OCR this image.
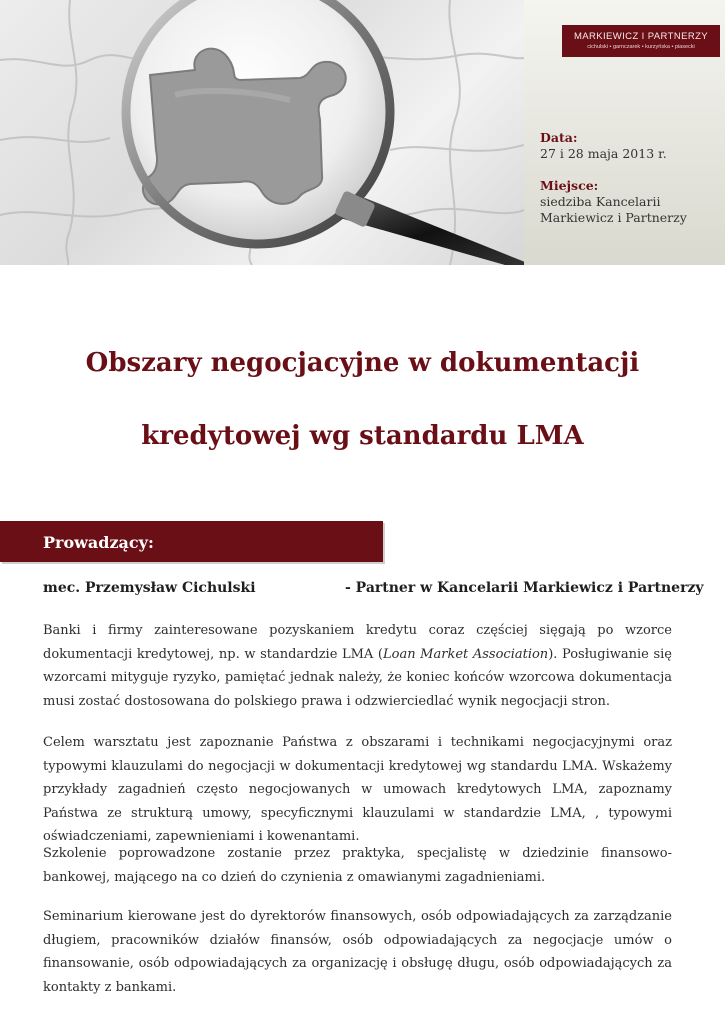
MARKIEWICZ I PARTNERZY
cichulski • garnczarek • kurzyńska • piasecki
Data:
27 i 28 maja 2013 r.
Miejsce:
siedziba Kancelarii
Markiewicz i Partnerzy
Obszary negocjacyjne w dokumentacji
kredytowej wg standardu LMA
Prowadzący:
mec. Przemysław Cichulski	- Partner w Kancelarii Markiewicz i Partnerzy

Banki i firmy zainteresowane pozyskaniem kredytu coraz częściej sięgają po wzorce dokumentacji kredytowej, np. w standardzie LMA (Loan Market Association). Posługiwanie się wzorcami mityguje ryzyko, pamiętać jednak należy, że koniec końców wzorcowa dokumentacja musi zostać dostosowana do polskiego prawa i odzwierciedlać wynik negocjacji stron.

Celem warsztatu jest zapoznanie Państwa z obszarami i technikami negocjacyjnymi oraz typowymi klauzulami do negocjacji w dokumentacji kredytowej wg standardu LMA. Wskażemy przykłady zagadnień często negocjowanych w umowach kredytowych LMA, zapoznamy Państwa ze strukturą umowy, specyficznymi klauzulami w standardzie LMA, , typowymi oświadczeniami, zapewnieniami i kowenantami.

Szkolenie poprowadzone zostanie przez praktyka, specjalistę w dziedzinie finansowo-bankowej, mającego na co dzień do czynienia z omawianymi zagadnieniami.

Seminarium kierowane jest do dyrektorów finansowych, osób odpowiadających za zarządzanie długiem, pracowników działów finansów, osób odpowiadających za negocjacje umów o finansowanie, osób odpowiadających za organizację i obsługę długu, osób odpowiadających za kontakty z bankami.
